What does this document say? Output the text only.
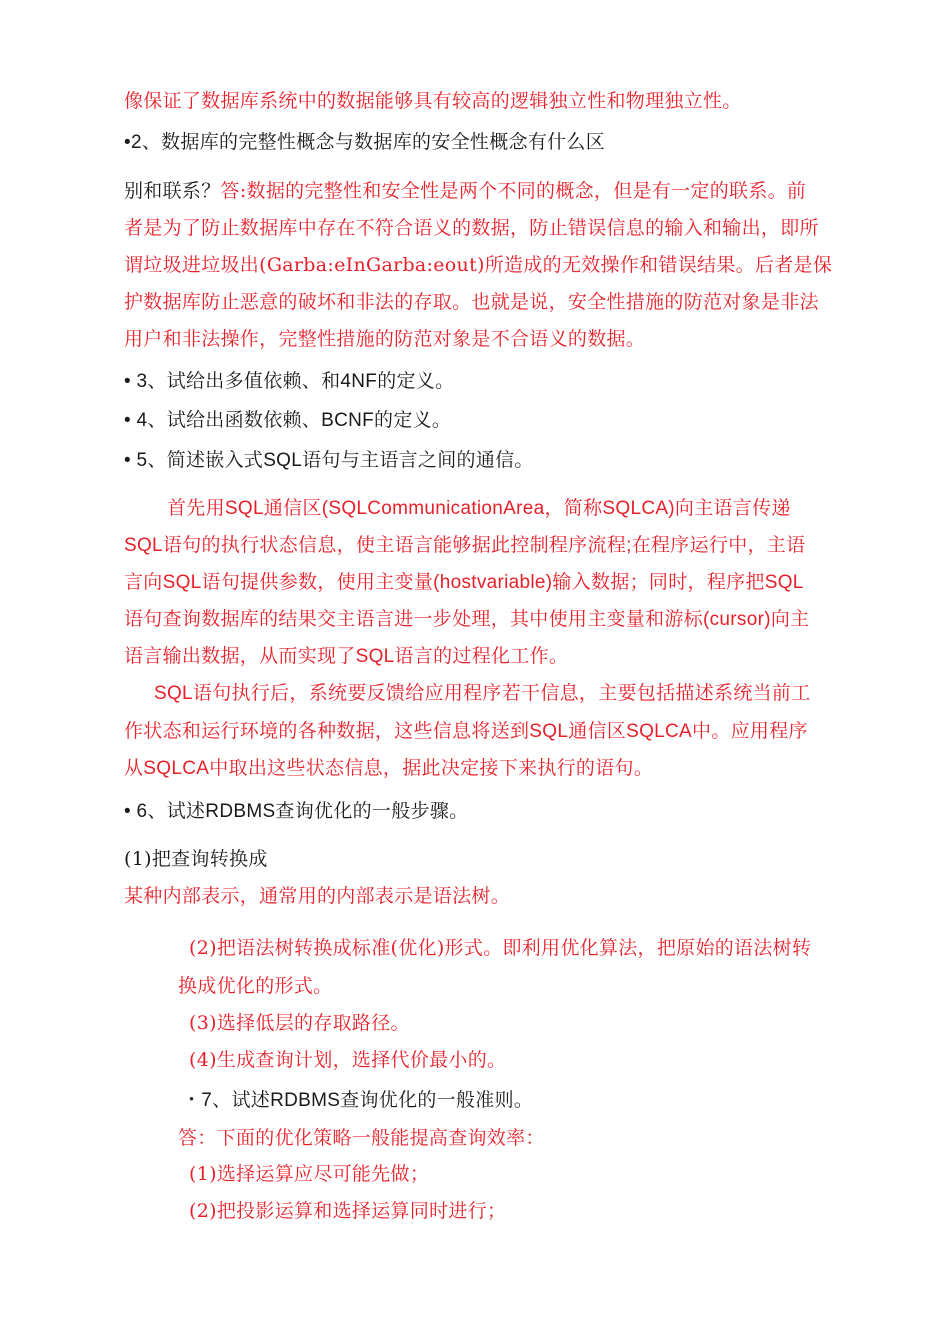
像保证了数据库系统中的数据能够具有较高的逻辑独立性和物理独立性。
•2、数据库的完整性概念与数据库的安全性概念有什么区
别和联系？答:数据的完整性和安全性是两个不同的概念，但是有一定的联系。前
者是为了防止数据库中存在不符合语义的数据，防止错误信息的输入和输出，即所
谓垃圾进垃圾出(Garba:eInGarba:eout)所造成的无效操作和错误结果。后者是保
护数据库防止恶意的破坏和非法的存取。也就是说，安全性措施的防范对象是非法
用户和非法操作，完整性措施的防范对象是不合语义的数据。
• 3、试给出多值依赖、和4NF的定义。
• 4、试给出函数依赖、BCNF的定义。
• 5、简述嵌入式SQL语句与主语言之间的通信。
首先用SQL通信区(SQLCommunicationArea，简称SQLCA)向主语言传递
SQL语句的执行状态信息，使主语言能够据此控制程序流程;在程序运行中，主语
言向SQL语句提供参数，使用主变量(hostvariable)输入数据；同时，程序把SQL
语句查询数据库的结果交主语言进一步处理，其中使用主变量和游标(cursor)向主
语言输出数据，从而实现了SQL语言的过程化工作。
SQL语句执行后，系统要反馈给应用程序若干信息，主要包括描述系统当前工
作状态和运行环境的各种数据，这些信息将送到SQL通信区SQLCA中。应用程序
从SQLCA中取出这些状态信息，据此决定接下来执行的语句。
• 6、试述RDBMS查询优化的一般步骤。
(1)把查询转换成
某种内部表示，通常用的内部表示是语法树。
(2)把语法树转换成标准(优化)形式。即利用优化算法，把原始的语法树转
换成优化的形式。
(3)选择低层的存取路径。
(4)生成查询计划，选择代价最小的。
・7、试述RDBMS查询优化的一般准则。
答：下面的优化策略一般能提高查询效率：
(1)选择运算应尽可能先做；
(2)把投影运算和选择运算同时进行；
